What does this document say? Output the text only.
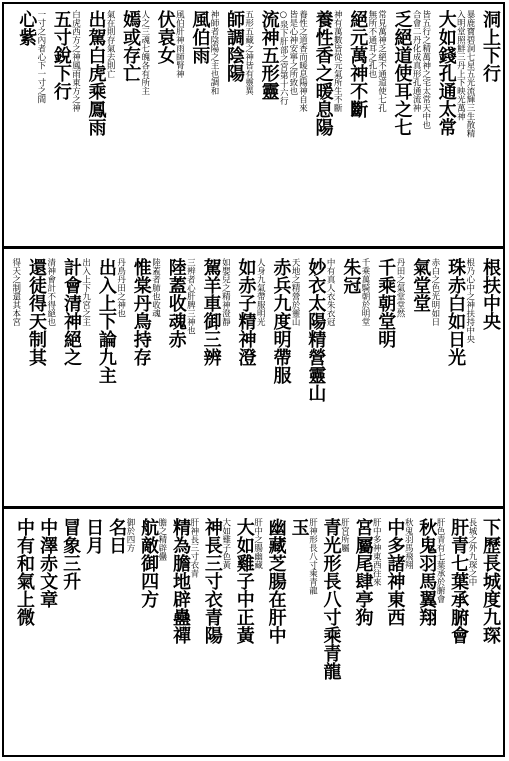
洞上下行
暴鹿寶碧洞七星五光流輝三生散精
入明堂照鮮三丹上下映光萬神
大如錢孔通太常
皆五行之精萬神之宅太常天中也
合會二丹化成真形孔通流神
乏絕道使耳之七
常見萬神乏絕不通道使七孔
無所不通耳之孔也
絕元萬神不斷
神有萬數皆從元氣所生不斷
養性香之暖息陽
養性之道香而暖息陽神自來
皆是心神安寧之所致也
○泉下肝部之宮第十六行
流神五形靈
五形五藏之神皆有靈異
師調陰陽
神師者陰陽之主也調和
風伯雨
風伯肝神雨師腎神
伏袁女
人之三魂七魄各有所主
嫣或存亡
氣在則存氣去則亡
出駕白虎乘鳳雨
白虎西方之神鳳雨東方之神
五寸銳下行
一寸之內者心下一寸之間
心紫
根扶中央
根乃心中之神扶持中央
珠赤白如日光
赤白之色光明如日
氣堂堂
丹田之氣堂堂然
千乘朝堂明
千乘萬騎朝於明堂
朱冠
中有真人衣朱衣冠
妙衣太陽精營靈山
天地之精營於靈山
赤兵九度明帶服
人身九氣帶服明光
如赤子精神澄
如嬰兒之精神澄靜
駕羊車御三辨
三辨者心肝脾三神也
陸蓋收魂赤
陸蓋者肺也收魂
惟棠丹鳥持存
丹鳥丹田之神也
出入上下論九主
出入上下九宮之主
計會清神絕之
清神會計不得絕也
還徒得天制其
得天之制還其本宮
下歷長城度九琛
長城之外九琛之中
肝青七葉承腑會
肝色青有七葉承於腑會
秋鬼羽馬翼翔
秋鬼羽馬飛翔
中多諸神東西
肝中多神東西往來
宮屬尾肆亭狗
肝宮所屬
青光形長八寸乘青龍
肝神形長八寸乘青龍
玉
幽藏芝腸在肝中
肝中之腸幽藏
大如雞子中正黃
大如雞子色黃
神長三寸衣青陽
肝神長三寸衣青
精為膽地辟蠱禪
膽之精辟蠱
航敵御四方
御於四方
名日
日月
冒象三升
中澤赤文章
中有和氣上微
